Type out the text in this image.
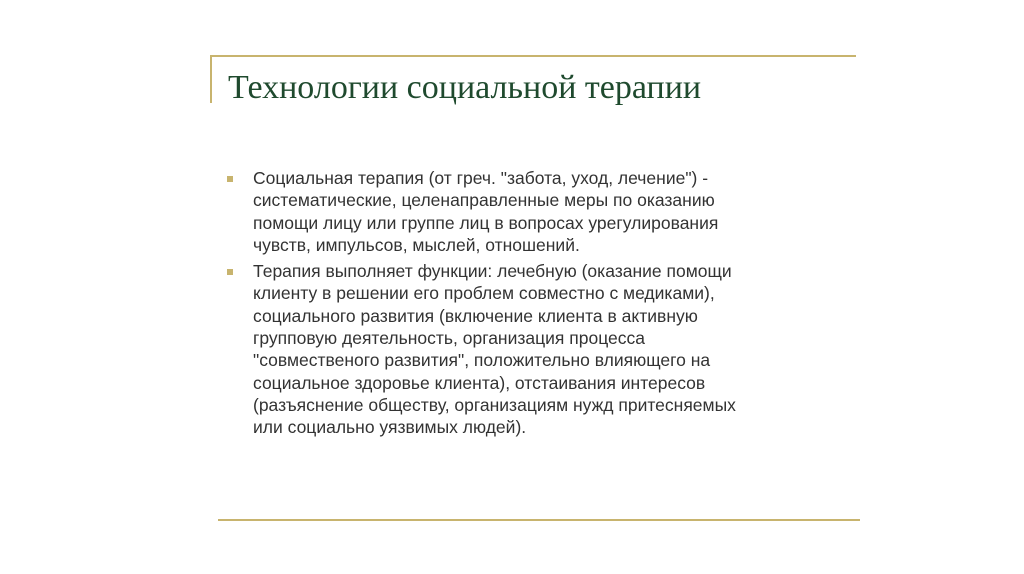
Технологии социальной терапии
Социальная терапия (от греч. "забота, уход, лечение") -
систематические, целенаправленные меры по оказанию
помощи лицу или группе лиц в вопросах урегулирования
чувств, импульсов, мыслей, отношений.
Терапия выполняет функции: лечебную (оказание помощи
клиенту в решении его проблем совместно с медиками),
социального развития (включение клиента в активную
групповую деятельность, организация процесса
"совмественого развития", положительно влияющего на
социальное здоровье клиента), отстаивания интересов
(разъяснение обществу, организациям нужд притесняемых
или социально уязвимых людей).
